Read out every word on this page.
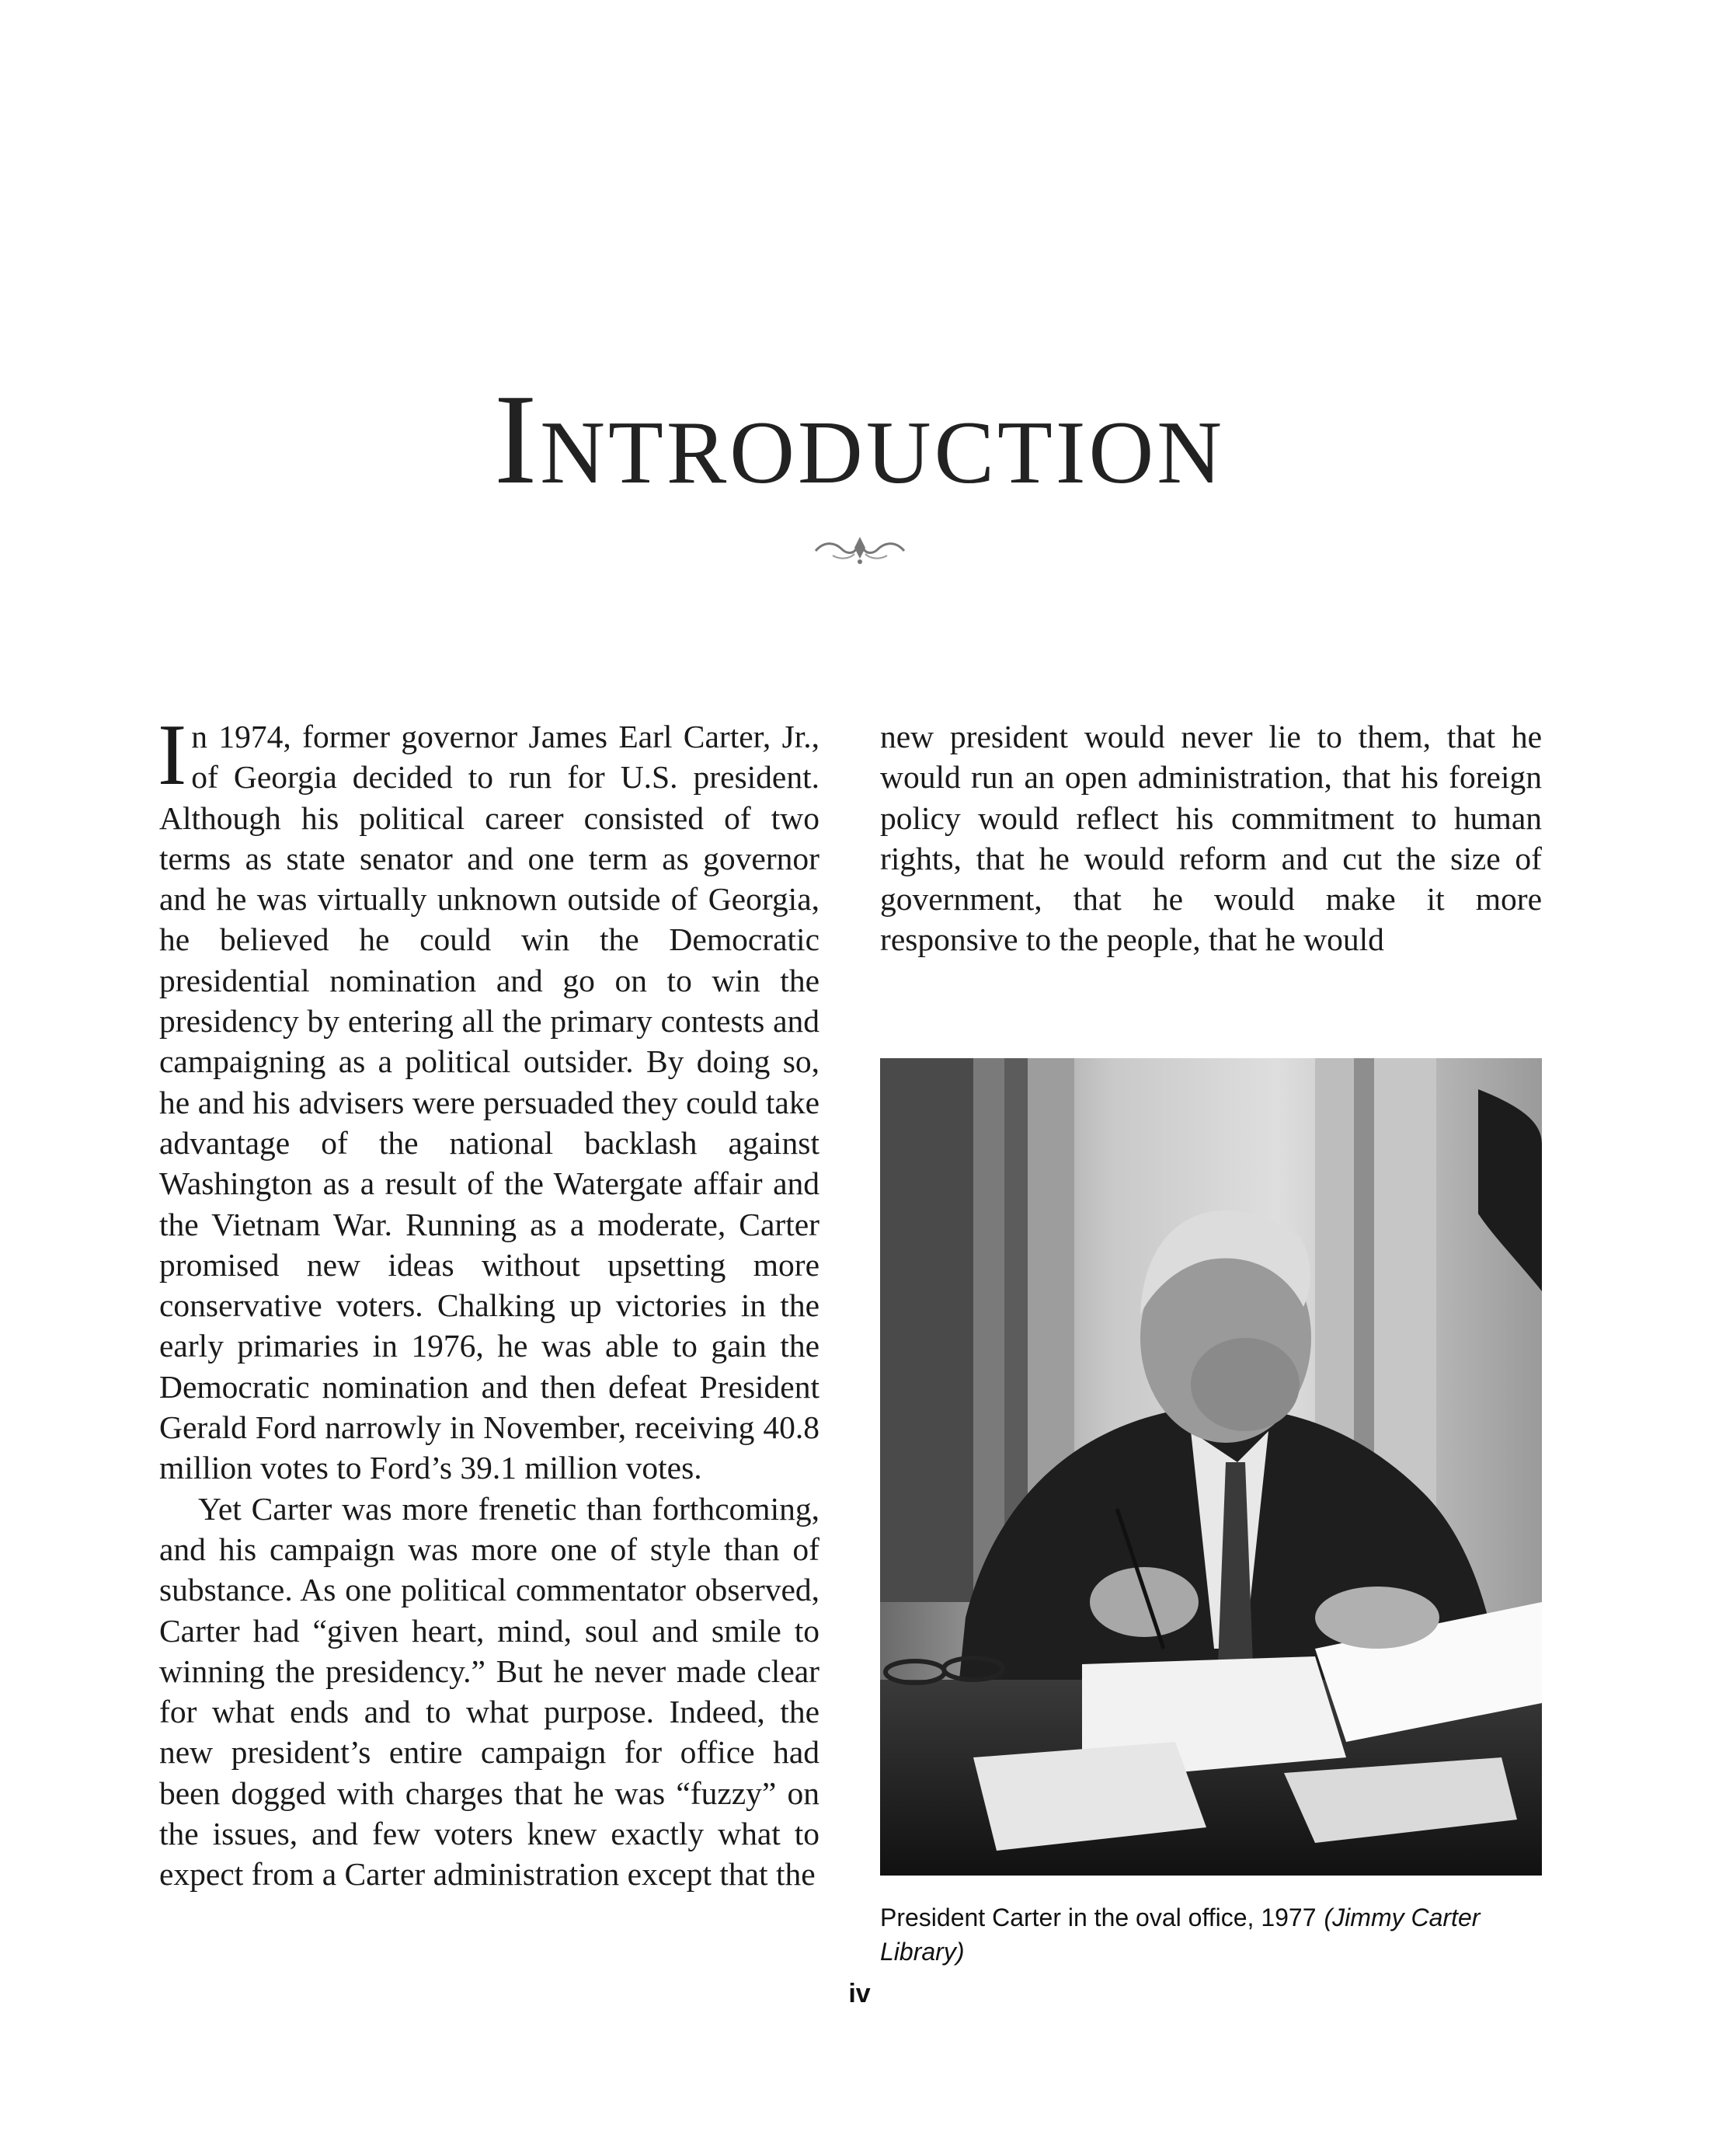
Introduction

In 1974, former governor James Earl Carter, Jr., of Georgia decided to run for U.S. president. Although his political career consisted of two terms as state senator and one term as governor and he was virtually unknown outside of Georgia, he believed he could win the Democratic presidential nomination and go on to win the presidency by entering all the primary contests and campaigning as a political outsider. By doing so, he and his advisers were persuaded they could take advantage of the national backlash against Washington as a result of the Watergate affair and the Vietnam War. Running as a moderate, Carter promised new ideas without upsetting more conservative voters. Chalking up victories in the early primaries in 1976, he was able to gain the Democratic nomination and then defeat President Gerald Ford narrowly in November, receiving 40.8 million votes to Ford’s 39.1 million votes.

Yet Carter was more frenetic than forthcoming, and his campaign was more one of style than of substance. As one political commentator observed, Carter had “given heart, mind, soul and smile to winning the presidency.” But he never made clear for what ends and to what purpose. Indeed, the new president’s entire campaign for office had been dogged with charges that he was “fuzzy” on the issues, and few voters knew exactly what to expect from a Carter administration except that the

new president would never lie to them, that he would run an open administration, that his foreign policy would reflect his commitment to human rights, that he would reform and cut the size of government, that he would make it more responsive to the people, that he would

President Carter in the oval office, 1977 (Jimmy Carter Library)
iv
